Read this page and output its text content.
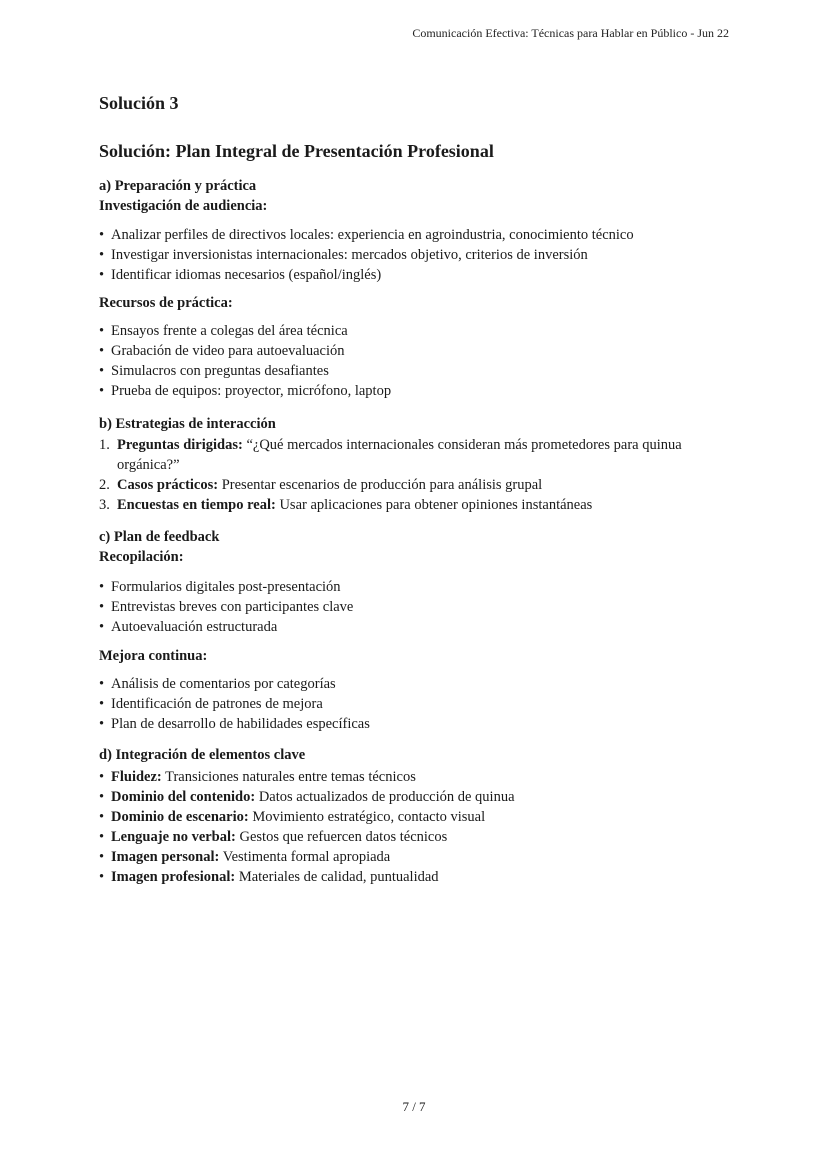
Comunicación Efectiva: Técnicas para Hablar en Público - Jun 22
Solución 3
Solución: Plan Integral de Presentación Profesional

a) Preparación y práctica

Investigación de audiencia:

• Analizar perfiles de directivos locales: experiencia en agroindustria, conocimiento técnico
• Investigar inversionistas internacionales: mercados objetivo, criterios de inversión
• Identificar idiomas necesarios (español/inglés)

Recursos de práctica:

• Ensayos frente a colegas del área técnica
• Grabación de video para autoevaluación
• Simulacros con preguntas desafiantes
• Prueba de equipos: proyector, micrófono, laptop

b) Estrategias de interacción

1. Preguntas dirigidas: “¿Qué mercados internacionales consideran más prometedores para quinua orgánica?”
2. Casos prácticos: Presentar escenarios de producción para análisis grupal
3. Encuestas en tiempo real: Usar aplicaciones para obtener opiniones instantáneas

c) Plan de feedback

Recopilación:

• Formularios digitales post-presentación
• Entrevistas breves con participantes clave
• Autoevaluación estructurada

Mejora continua:

• Análisis de comentarios por categorías
• Identificación de patrones de mejora
• Plan de desarrollo de habilidades específicas

d) Integración de elementos clave

• Fluidez: Transiciones naturales entre temas técnicos
• Dominio del contenido: Datos actualizados de producción de quinua
• Dominio de escenario: Movimiento estratégico, contacto visual
• Lenguaje no verbal: Gestos que refuercen datos técnicos
• Imagen personal: Vestimenta formal apropiada
• Imagen profesional: Materiales de calidad, puntualidad
7 / 7
